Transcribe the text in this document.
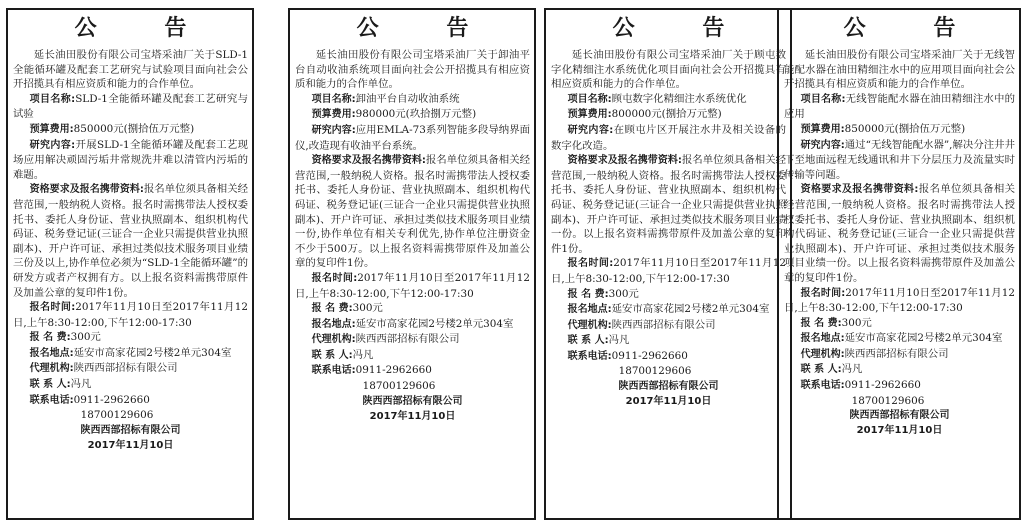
公 告

延长油田股份有限公司宝塔采油厂关于SLD-1全能循环罐及配套工艺研究与试验项目面向社会公开招揽具有相应资质和能力的合作单位。

项目名称:SLD-1全能循环罐及配套工艺研究与试验

预算费用:850000元(捌拾伍万元整)

研究内容:开展SLD-1全能循环罐及配套工艺现场应用解决顽固污垢井常规洗井难以清管内污垢的难题。

资格要求及报名携带资料:报名单位须具备相关经营范围,一般纳税人资格。报名时需携带法人授权委托书、委托人身份证、营业执照副本、组织机构代码证、税务登记证(三证合一企业只需提供营业执照副本)、开户许可证、承担过类似技术服务项目业绩三份及以上,协作单位必须为“SLD-1全能循环罐”的研发方或者产权拥有方。以上报名资料需携带原件及加盖公章的复印件1份。

报名时间:2017年11月10日至2017年11月12日,上午8:30-12:00,下午12:00-17:30

报 名 费:300元

报名地点:延安市高家花园2号楼2单元304室

代理机构:陕西西部招标有限公司

联 系 人:冯凡

联系电话:0911-2962660

18700129606

陕西西部招标有限公司
2017年11月10日
公 告

延长油田股份有限公司宝塔采油厂关于卸油平台自动收油系统项目面向社会公开招揽具有相应资质和能力的合作单位。

项目名称:卸油平台自动收油系统

预算费用:980000元(玖拾捌万元整)

研究内容:应用EMLA-73系列智能多段导纳界面仪,改造现有收油平台系统。

资格要求及报名携带资料:报名单位须具备相关经营范围,一般纳税人资格。报名时需携带法人授权委托书、委托人身份证、营业执照副本、组织机构代码证、税务登记证(三证合一企业只需提供营业执照副本)、开户许可证、承担过类似技术服务项目业绩一份,协作单位有相关专利优先,协作单位注册资金不少于500万。以上报名资料需携带原件及加盖公章的复印件1份。

报名时间:2017年11月10日至2017年11月12日,上午8:30-12:00,下午12:00-17:30

报 名 费:300元

报名地点:延安市高家花园2号楼2单元304室

代理机构:陕西西部招标有限公司

联 系 人:冯凡

联系电话:0911-2962660

18700129606

陕西西部招标有限公司
2017年11月10日
公 告

延长油田股份有限公司宝塔采油厂关于顾屯数字化精细注水系统优化项目面向社会公开招揽具有相应资质和能力的合作单位。

项目名称:顾屯数字化精细注水系统优化

预算费用:800000元(捌拾万元整)

研究内容:在顾屯片区开展注水井及相关设备的数字化改造。

资格要求及报名携带资料:报名单位须具备相关经营范围,一般纳税人资格。报名时需携带法人授权委托书、委托人身份证、营业执照副本、组织机构代码证、税务登记证(三证合一企业只需提供营业执照副本)、开户许可证、承担过类似技术服务项目业绩一份。以上报名资料需携带原件及加盖公章的复印件1份。

报名时间:2017年11月10日至2017年11月12日,上午8:30-12:00,下午12:00-17:30

报 名 费:300元

报名地点:延安市高家花园2号楼2单元304室

代理机构:陕西西部招标有限公司

联 系 人:冯凡

联系电话:0911-2962660

18700129606

陕西西部招标有限公司
2017年11月10日
公 告

延长油田股份有限公司宝塔采油厂关于无线智能配水器在油田精细注水中的应用项目面向社会公开招揽具有相应资质和能力的合作单位。

项目名称:无线智能配水器在油田精细注水中的应用

预算费用:850000元(捌拾伍万元整)

研究内容:通过“无线智能配水器”,解决分注井井下至地面远程无线通讯和井下分层压力及流量实时传输等问题。

资格要求及报名携带资料:报名单位须具备相关经营范围,一般纳税人资格。报名时需携带法人授权委托书、委托人身份证、营业执照副本、组织机构代码证、税务登记证(三证合一企业只需提供营业执照副本)、开户许可证、承担过类似技术服务项目业绩一份。以上报名资料需携带原件及加盖公章的复印件1份。

报名时间:2017年11月10日至2017年11月12日,上午8:30-12:00,下午12:00-17:30

报 名 费:300元

报名地点:延安市高家花园2号楼2单元304室

代理机构:陕西西部招标有限公司

联 系 人:冯凡

联系电话:0911-2962660

18700129606

陕西西部招标有限公司
2017年11月10日
